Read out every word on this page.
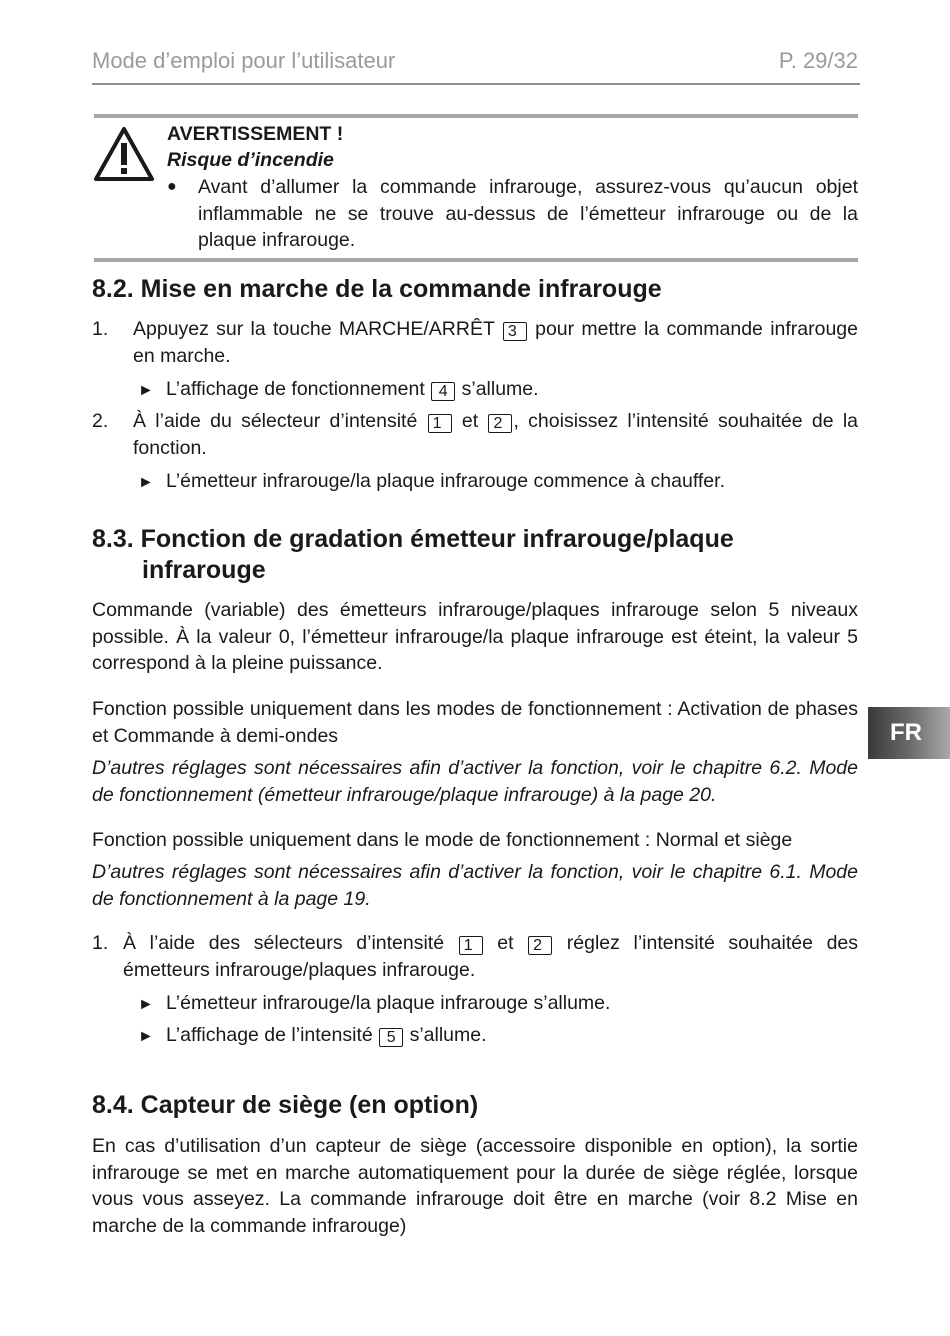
Mode d’emploi pour l’utilisateur	P. 29/32
AVERTISSEMENT !
Risque d’incendie
● Avant d’allumer la commande infrarouge, assurez-vous qu’aucun objet inflammable ne se trouve au-dessus de l’émetteur infrarouge ou de la plaque infrarouge.
8.2. Mise en marche de la commande infrarouge
1. Appuyez sur la touche MARCHE/ARRÊT 3 pour mettre la commande infrarouge en marche.
► L’affichage de fonctionnement 4 s’allume.
2. À l’aide du sélecteur d’intensité 1 et 2 , choisissez l’intensité souhaitée de la fonction.
► L’émetteur infrarouge/la plaque infrarouge commence à chauffer.
8.3. Fonction de gradation émetteur infrarouge/plaque
infrarouge
Commande (variable) des émetteurs infrarouge/plaques infrarouge selon 5 niveaux possible. À la valeur 0, l’émetteur infrarouge/la plaque infrarouge est éteint, la valeur 5 correspond à la pleine puissance.
Fonction possible uniquement dans les modes de fonctionnement : Activation de phases et Commande à demi-ondes
D’autres réglages sont nécessaires afin d’activer la fonction, voir le chapitre 6.2. Mode de fonctionnement (émetteur infrarouge/plaque infrarouge) à la page 20.
Fonction possible uniquement dans le mode de fonctionnement : Normal et siège
D’autres réglages sont nécessaires afin d’activer la fonction, voir le chapitre 6.1. Mode de fonctionnement à la page 19.
1. À l’aide des sélecteurs d’intensité 1 et 2 réglez l’intensité souhaitée des émetteurs infrarouge/plaques infrarouge.
► L’émetteur infrarouge/la plaque infrarouge s’allume.
► L’affichage de l’intensité 5 s’allume.
8.4. Capteur de siège (en option)
En cas d’utilisation d’un capteur de siège (accessoire disponible en option), la sortie infrarouge se met en marche automatiquement pour la durée de siège réglée, lorsque vous vous asseyez. La commande infrarouge doit être en marche (voir 8.2 Mise en marche de la commande infrarouge)
FR
